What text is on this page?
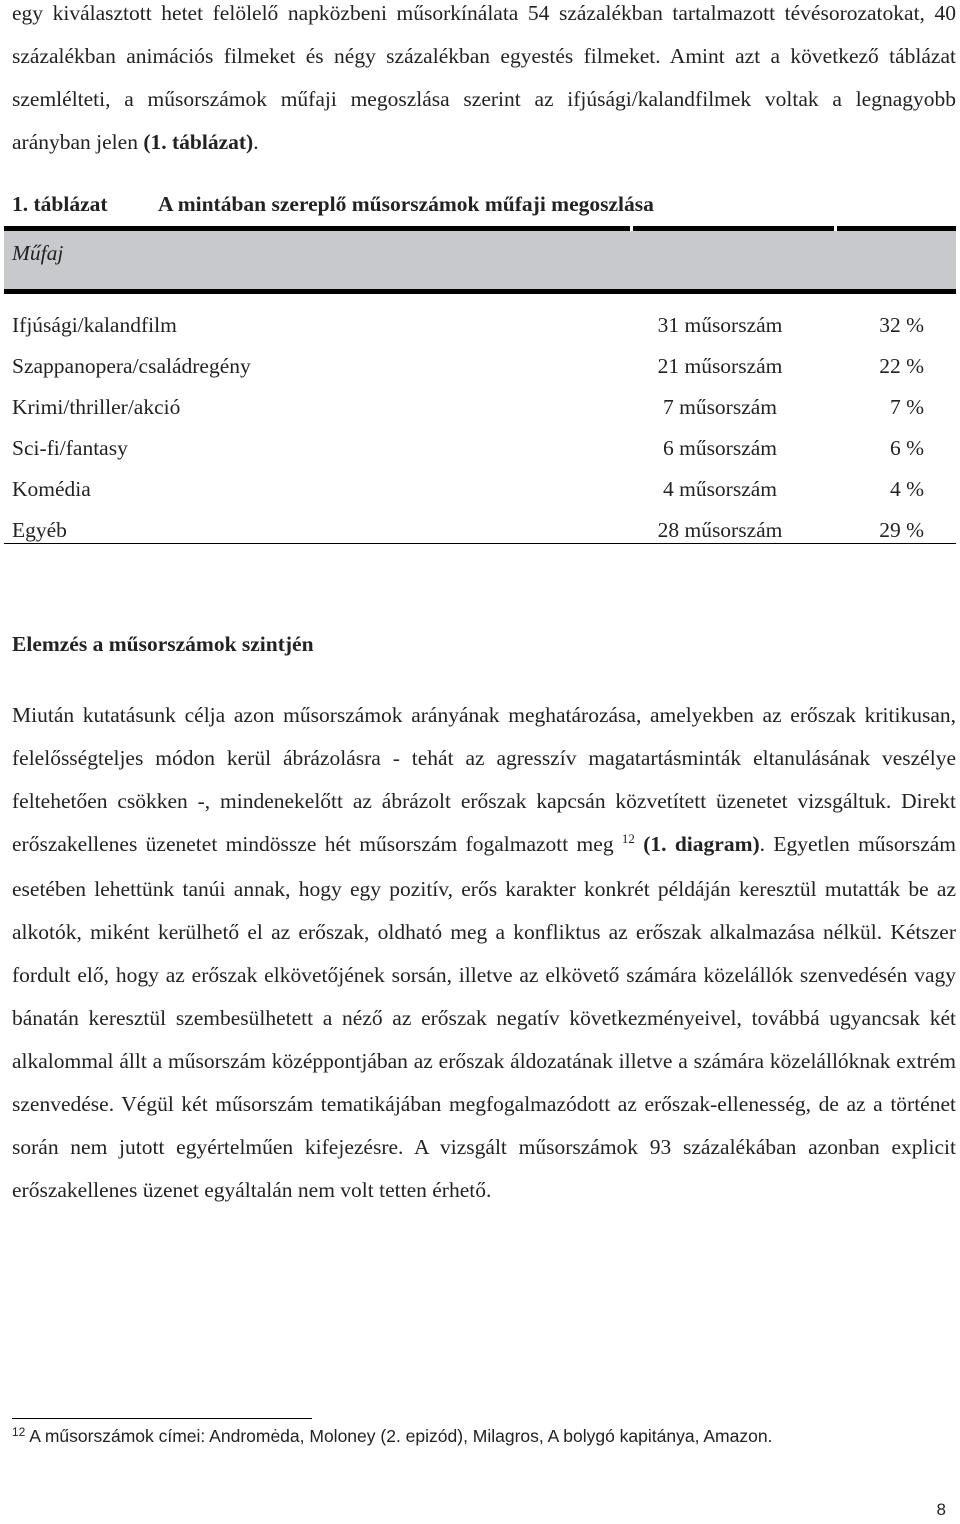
egy kiválasztott hetet felölelő napközbeni műsorkínálata 54 százalékban tartalmazott tévésorozatokat, 40 százalékban animációs filmeket és négy százalékban egyestés filmeket. Amint azt a következő táblázat szemlélteti, a műsorszámok műfaji megoszlása szerint az ifjúsági/kalandfilmek voltak a legnagyobb arányban jelen (1. táblázat).

1. táblázat A mintában szereplő műsorszámok műfaji megoszlása
Műfaj
Ifjúsági/kalandfilm	31 műsorszám	32 %
Szappanopera/családregény	21 műsorszám	22 %
Krimi/thriller/akció	7 műsorszám	7 %
Sci-fi/fantasy	6 műsorszám	6 %
Komédia	4 műsorszám	4 %
Egyéb	28 műsorszám	29 %
Elemzés a műsorszámok szintjén

Miután kutatásunk célja azon műsorszámok arányának meghatározása, amelyekben az erőszak kritikusan, felelősségteljes módon kerül ábrázolásra - tehát az agresszív magatartásminták eltanulásának veszélye feltehetően csökken -, mindenekelőtt az ábrázolt erőszak kapcsán közvetített üzenetet vizsgáltuk. Direkt erőszakellenes üzenetet mindössze hét műsorszám fogalmazott meg $^{12}$ (1. diagram). Egyetlen műsorszám esetében lehettünk tanúi annak, hogy egy pozitív, erős karakter konkrét példáján keresztül mutatták be az alkotók, miként kerülhető el az erőszak, oldható meg a konfliktus az erőszak alkalmazása nélkül. Kétszer fordult elő, hogy az erőszak elkövetőjének sorsán, illetve az elkövető számára közelállók szenvedésén vagy bánatán keresztül szembesülhetett a néző az erőszak negatív következményeivel, továbbá ugyancsak két alkalommal állt a műsorszám középpontjában az erőszak áldozatának illetve a számára közelállóknak extrém szenvedése. Végül két műsorszám tematikájában megfogalmazódott az erőszak-ellenesség, de az a történet során nem jutott egyértelműen kifejezésre. A vizsgált műsorszámok 93 százalékában azonban explicit erőszakellenes üzenet egyáltalán nem volt tetten érhető.

$^{12}$ A műsorszámok címei: Andromėda, Moloney (2. epizód), Milagros, A bolygó kapitánya, Amazon.
8
